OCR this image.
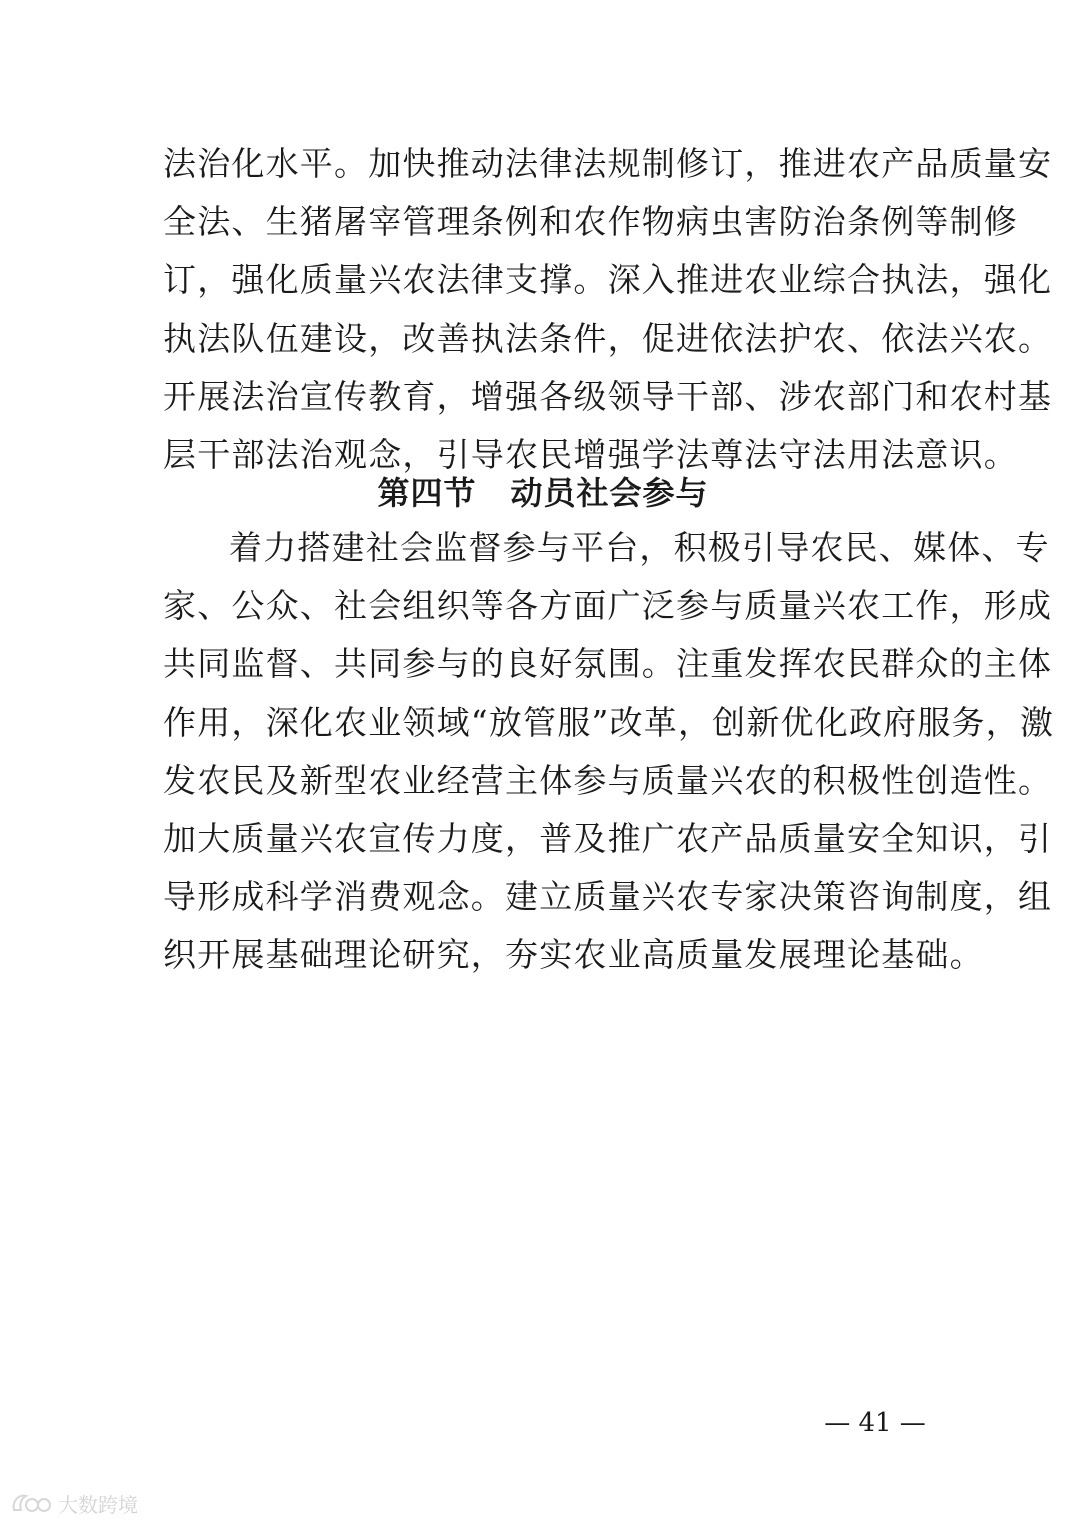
法治化水平。加快推动法律法规制修订，推进农产品质量安
全法、生猪屠宰管理条例和农作物病虫害防治条例等制修
订，强化质量兴农法律支撑。深入推进农业综合执法，强化
执法队伍建设，改善执法条件，促进依法护农、依法兴农。
开展法治宣传教育，增强各级领导干部、涉农部门和农村基
层干部法治观念，引导农民增强学法尊法守法用法意识。
第四节 动员社会参与
着力搭建社会监督参与平台，积极引导农民、媒体、专
家、公众、社会组织等各方面广泛参与质量兴农工作，形成
共同监督、共同参与的良好氛围。注重发挥农民群众的主体
作用，深化农业领域“放管服”改革，创新优化政府服务，激
发农民及新型农业经营主体参与质量兴农的积极性创造性。
加大质量兴农宣传力度，普及推广农产品质量安全知识，引
导形成科学消费观念。建立质量兴农专家决策咨询制度，组
织开展基础理论研究，夯实农业高质量发展理论基础。
— 41 —
大数跨境
